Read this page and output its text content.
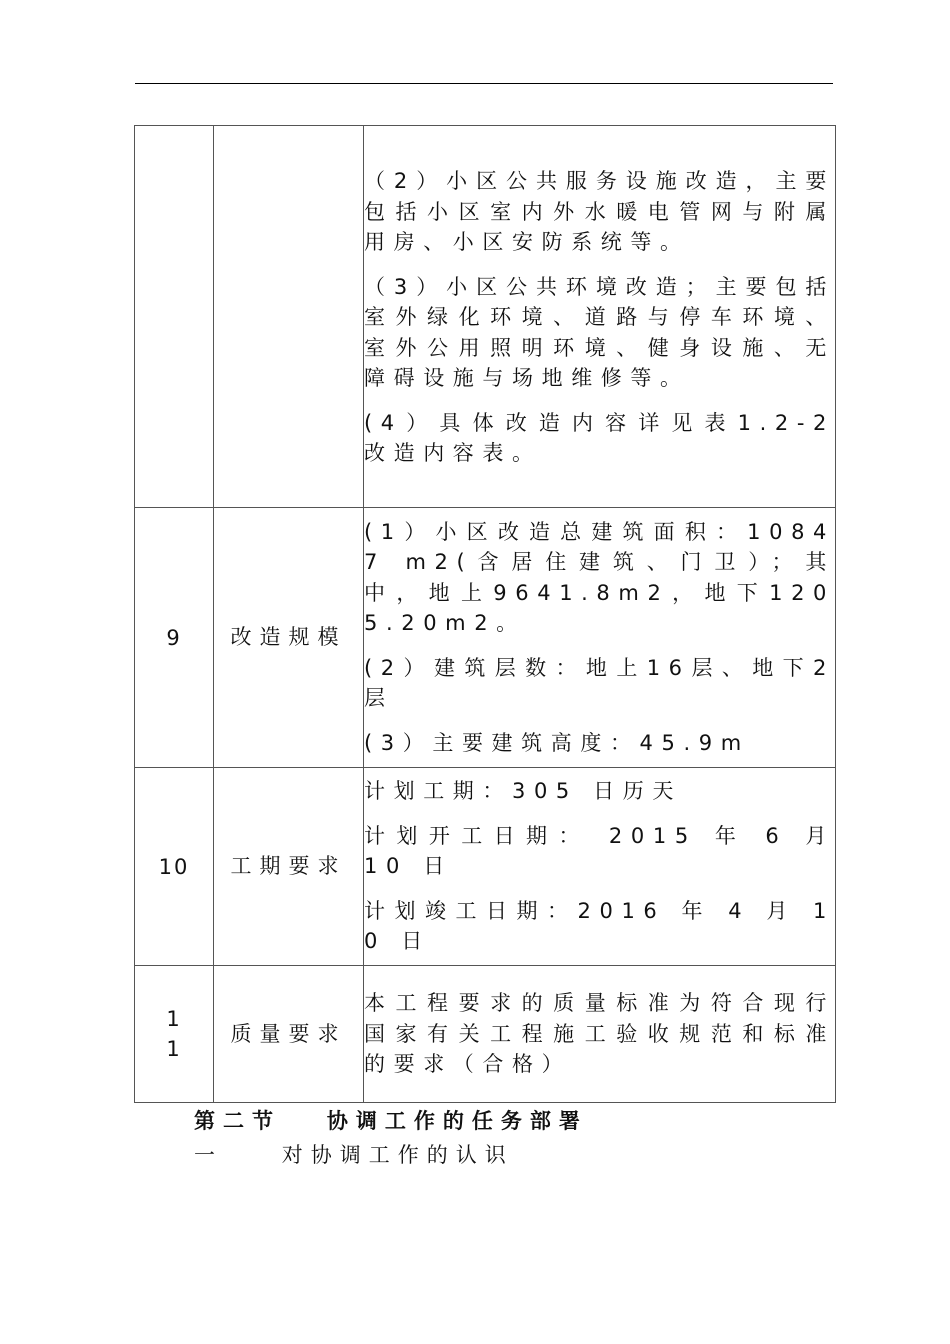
		（2）小区公共服务设施改造，主要包括小区室内外水暖电管网与附属用房、小区安防系统等。

（3）小区公共环境改造；主要包括室外绿化环境、道路与停车环境、室外公用照明环境、健身设施、无障碍设施与场地维修等。

(4）具体改造内容详见表1.2-2 改造内容表。

9	改造规模	(1）小区改造总建筑面积：10847 m2(含居住建筑、门卫）；其中，地上9641.8m2，地下1205.20m2。

(2）建筑层数：地上16层、地下2层

(3）主要建筑高度：45.9m

10	工期要求	计划工期：305 日历天

计划开工日期： 2015 年 6 月 10 日

计划竣工日期：2016 年 4 月 10 日

11	质量要求	本工程要求的质量标准为符合现行国家有关工程施工验收规范和标准的要求（合格）

第二节   协调工作的任务部署
一    对协调工作的认识
